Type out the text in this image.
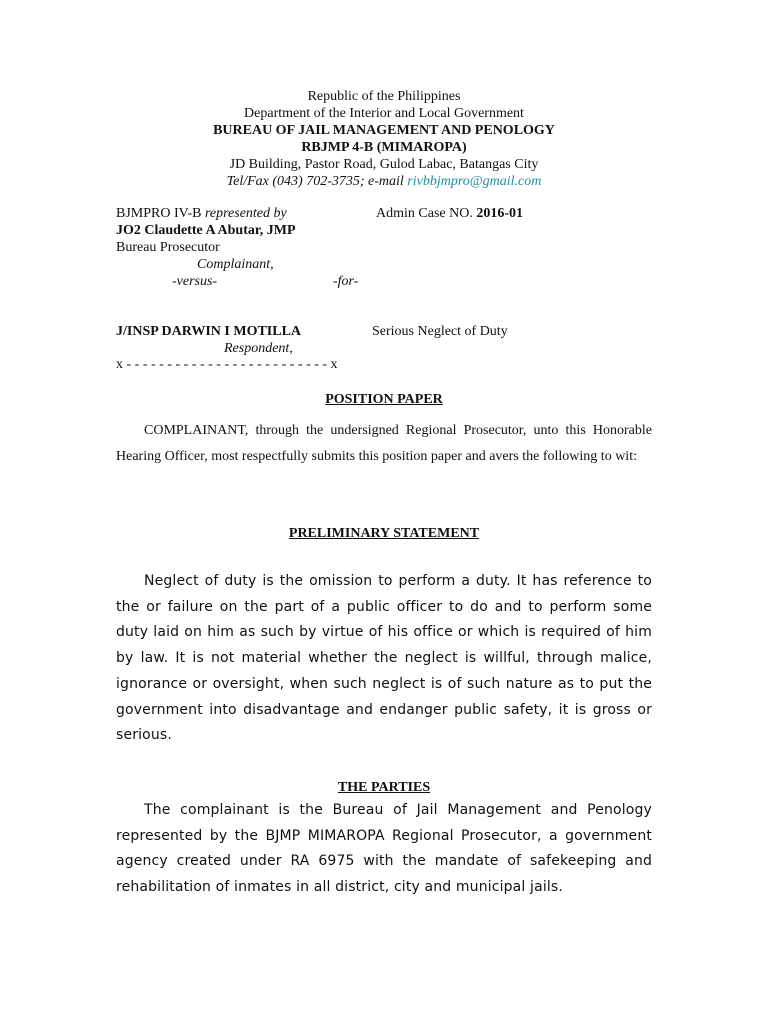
Republic of the Philippines
Department of the Interior and Local Government
BUREAU OF JAIL MANAGEMENT AND PENOLOGY
RBJMP 4-B (MIMAROPA)
JD Building, Pastor Road, Gulod Labac, Batangas City
Tel/Fax (043) 702-3735; e-mail rivbbjmpro@gmail.com
BJMPRO IV-B represented by	Admin Case NO. 2016-01
JO2 Claudette A Abutar, JMP
Bureau Prosecutor
Complainant,
-versus-	-for-
J/INSP DARWIN I MOTILLA	Serious Neglect of Duty
Respondent,
x - - - - - - - - - - - - - - - - - - - - - - - - - x
POSITION PAPER
COMPLAINANT, through the undersigned Regional Prosecutor, unto this Honorable Hearing Officer, most respectfully submits this position paper and avers the following to wit:
PRELIMINARY STATEMENT
Neglect of duty is the omission to perform a duty. It has reference to the or failure on the part of a public officer to do and to perform some duty laid on him as such by virtue of his office or which is required of him by law. It is not material whether the neglect is willful, through malice, ignorance or oversight, when such neglect is of such nature as to put the government into disadvantage and endanger public safety, it is gross or serious.
THE PARTIES
The complainant is the Bureau of Jail Management and Penology represented by the BJMP MIMAROPA Regional Prosecutor, a government agency created under RA 6975 with the mandate of safekeeping and rehabilitation of inmates in all district, city and municipal jails.
